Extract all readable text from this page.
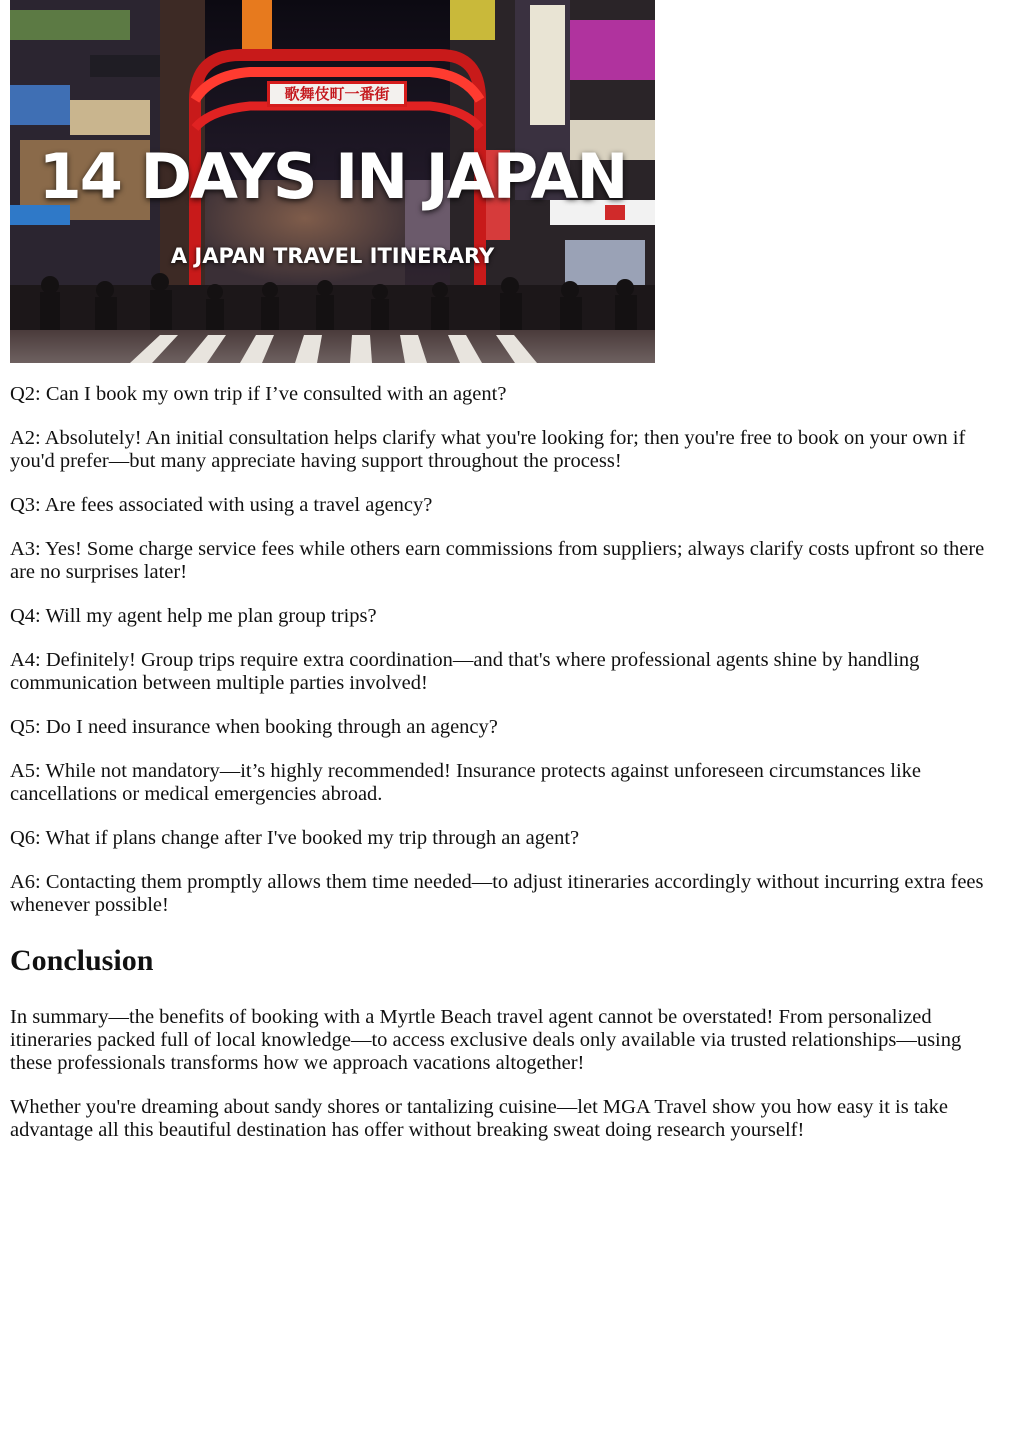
歌舞伎町一番街
14 DAYS IN JAPAN
A JAPAN TRAVEL ITINERARY

Q2: Can I book my own trip if I’ve consulted with an agent?

A2: Absolutely! An initial consultation helps clarify what you're looking for; then you're free to book on your own if you'd prefer—but many appreciate having support throughout the process!

Q3: Are fees associated with using a travel agency?

A3: Yes! Some charge service fees while others earn commissions from suppliers; always clarify costs upfront so there are no surprises later!

Q4: Will my agent help me plan group trips?

A4: Definitely! Group trips require extra coordination—and that's where professional agents shine by handling communication between multiple parties involved!

Q5: Do I need insurance when booking through an agency?

A5: While not mandatory—it’s highly recommended! Insurance protects against unforeseen circumstances like cancellations or medical emergencies abroad.

Q6: What if plans change after I've booked my trip through an agent?

A6: Contacting them promptly allows them time needed—to adjust itineraries accordingly without incurring extra fees whenever possible!

Conclusion

In summary—the benefits of booking with a Myrtle Beach travel agent cannot be overstated! From personalized itineraries packed full of local knowledge—to access exclusive deals only available via trusted relationships—using these professionals transforms how we approach vacations altogether!

Whether you're dreaming about sandy shores or tantalizing cuisine—let MGA Travel show you how easy it is take advantage all this beautiful destination has offer without breaking sweat doing research yourself!
